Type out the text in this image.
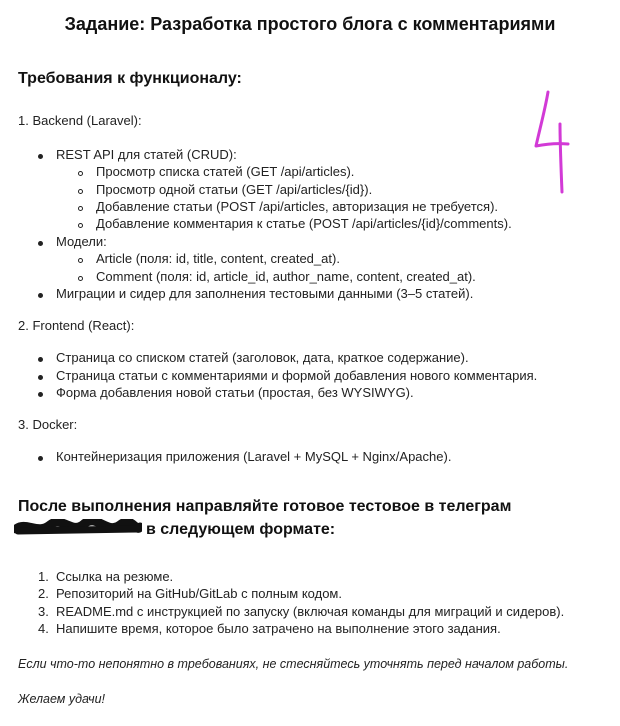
Задание: Разработка простого блога с комментариями
Требования к функционалу:
1. Backend (Laravel):
REST API для статей (CRUD):
Просмотр списка статей (GET /api/articles).
Просмотр одной статьи (GET /api/articles/{id}).
Добавление статьи (POST /api/articles, авторизация не требуется).
Добавление комментария к статье (POST /api/articles/{id}/comments).
Модели:
Article (поля: id, title, content, created_at).
Comment (поля: id, article_id, author_name, content, created_at).
Миграции и сидер для заполнения тестовыми данными (3–5 статей).
2. Frontend (React):
Страница со списком статей (заголовок, дата, краткое содержание).
Страница статьи с комментариями и формой добавления нового комментария.
Форма добавления новой статьи (простая, без WYSIWYG).
3. Docker:
Контейнеризация приложения (Laravel + MySQL + Nginx/Apache).
После выполнения направляйте готовое тестовое в телеграм
в следующем формате:
1. Ссылка на резюме.
2. Репозиторий на GitHub/GitLab с полным кодом.
3. README.md с инструкцией по запуску (включая команды для миграций и сидеров).
4. Напишите время, которое было затрачено на выполнение этого задания.
Если что-то непонятно в требованиях, не стесняйтесь уточнять перед началом работы.
Желаем удачи!
